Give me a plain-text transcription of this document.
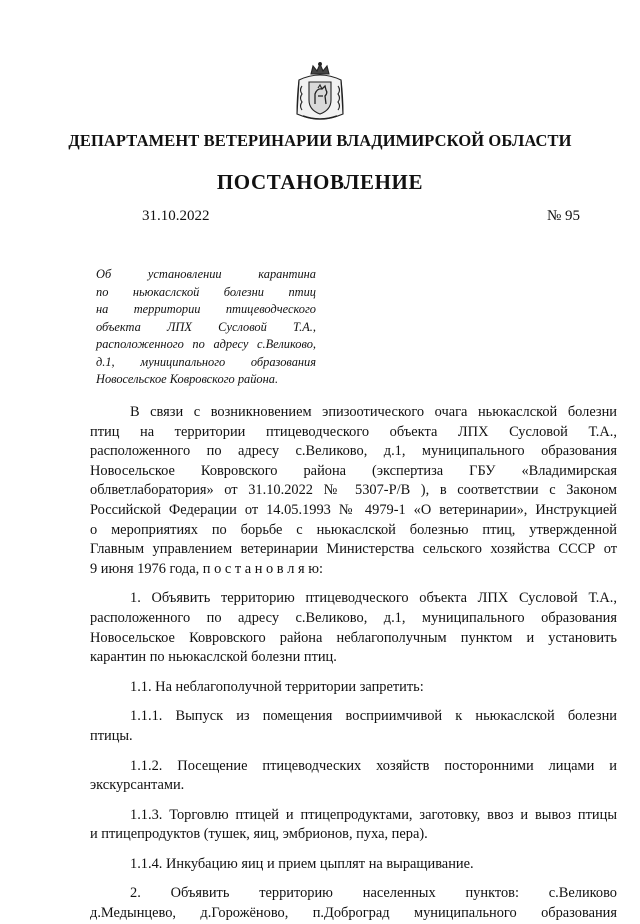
ДЕПАРТАМЕНТ ВЕТЕРИНАРИИ ВЛАДИМИРСКОЙ ОБЛАСТИ
ПОСТАНОВЛЕНИЕ
31.10.2022	№ 95
Об установлении карантина
по ньюкаслской болезни птиц
на территории птицеводческого
объекта ЛПХ Сусловой Т.А.,
расположенного по адресу с.Великово,
д.1, муниципального образования
Новосельское Ковровского района.

В связи с возникновением эпизоотического очага ньюкаслской болезни
птиц на территории птицеводческого объекта ЛПХ Сусловой Т.А.,
расположенного по адресу с.Великово, д.1, муниципального образования
Новосельское Ковровского района (экспертиза ГБУ «Владимирская
облветлаборатория» от 31.10.2022 № 5307-Р/В ), в соответствии с Законом
Российской Федерации от 14.05.1993 № 4979-1 «О ветеринарии», Инструкцией
о мероприятиях по борьбе с ньюкаслской болезнью птиц, утвержденной
Главным управлением ветеринарии Министерства сельского хозяйства СССР от
9 июня 1976 года, п о с т а н о в л я ю:

1. Объявить территорию птицеводческого объекта ЛПХ Сусловой Т.А.,
расположенного по адресу с.Великово, д.1, муниципального образования
Новосельское Ковровского района неблагополучным пунктом и установить
карантин по ньюкаслской болезни птиц.

1.1. На неблагополучной территории запретить:

1.1.1. Выпуск из помещения восприимчивой к ньюкаслской болезни
птицы.

1.1.2. Посещение птицеводческих хозяйств посторонними лицами и
экскурсантами.

1.1.3. Торговлю птицей и птицепродуктами, заготовку, ввоз и вывоз птицы
и птицепродуктов (тушек, яиц, эмбрионов, пуха, пера).

1.1.4. Инкубацию яиц и прием цыплят на выращивание.

2. Объявить территорию населенных пунктов: с.Великово
д.Медынцево, д.Горожёново, п.Доброград муниципального образования
